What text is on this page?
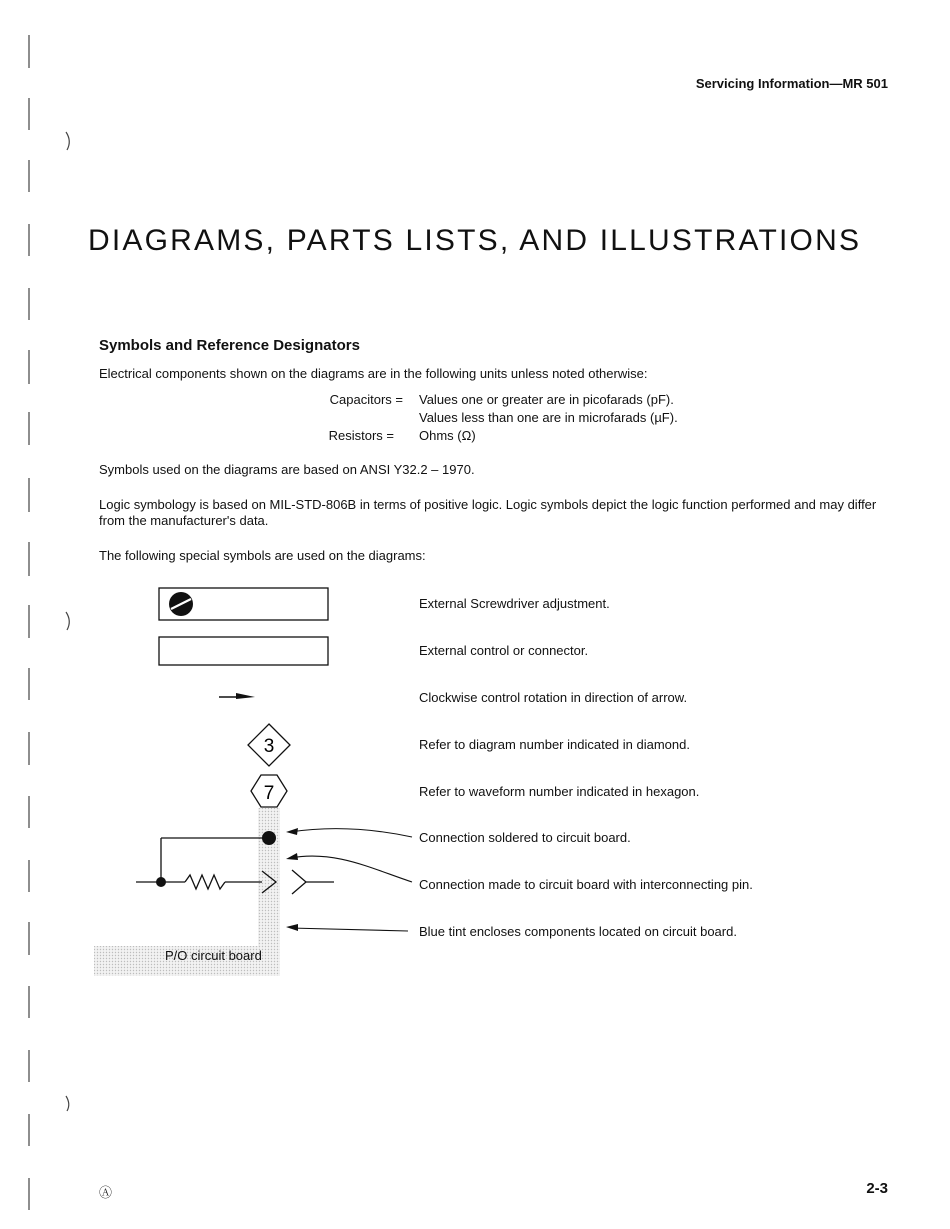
Servicing Information—MR 501
DIAGRAMS, PARTS LISTS, AND ILLUSTRATIONS
Symbols and Reference Designators
Electrical components shown on the diagrams are in the following units unless noted otherwise:
Capacitors = Values one or greater are in picofarads (pF).
Values less than one are in microfarads (µF).
Resistors = Ohms (Ω)
Symbols used on the diagrams are based on ANSI Y32.2 – 1970.
Logic symbology is based on MIL-STD-806B in terms of positive logic. Logic symbols depict the logic function performed and may differ from the manufacturer's data.
The following special symbols are used on the diagrams:
3
7
P/O circuit board
External Screwdriver adjustment.
External control or connector.
Clockwise control rotation in direction of arrow.
Refer to diagram number indicated in diamond.
Refer to waveform number indicated in hexagon.
Connection soldered to circuit board.
Connection made to circuit board with interconnecting pin.
Blue tint encloses components located on circuit board.
Ⓐ	2-3
